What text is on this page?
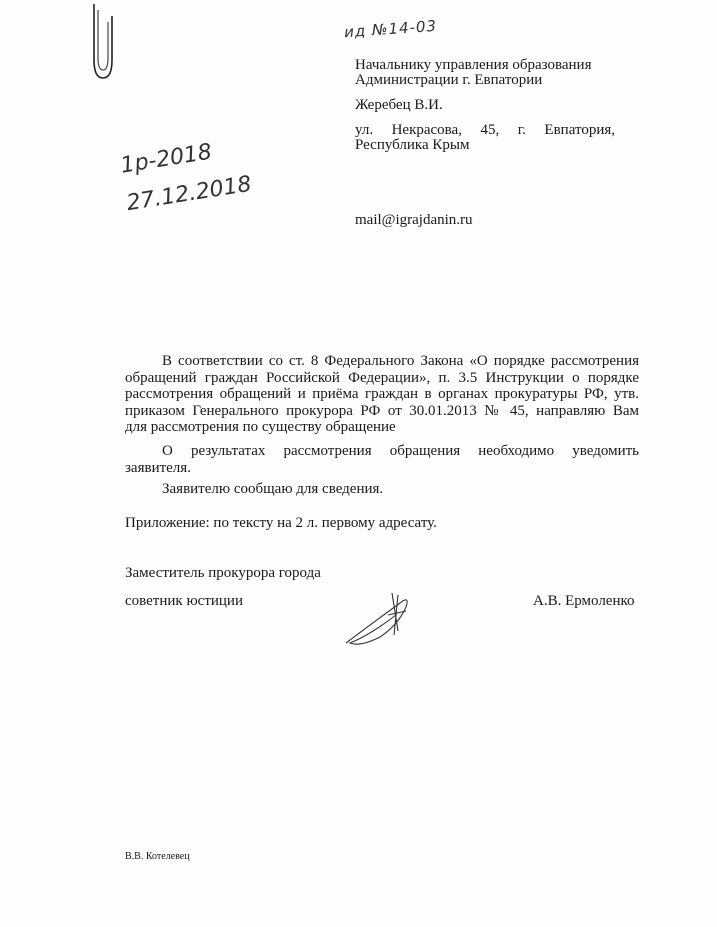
ид №14-03
1р-2018
27.12.2018
Начальнику управления образования
Администрации г. Евпатории
Жеребец В.И.
ул. Некрасова, 45, г. Евпатория,
Республика Крым
mail@igrajdanin.ru
В соответствии со ст. 8 Федерального Закона «О порядке рассмотрения
обращений граждан Российской Федерации», п. 3.5 Инструкции о порядке
рассмотрения обращений и приёма граждан в органах прокуратуры РФ, утв.
приказом Генерального прокурора РФ от 30.01.2013 № 45, направляю Вам
для рассмотрения по существу обращение
О результатах рассмотрения обращения необходимо уведомить
заявителя.
Заявителю сообщаю для сведения.
Приложение: по тексту на 2 л. первому адресату.
Заместитель прокурора города
советник юстиции	А.В. Ермоленко
В.В. Котелевец
